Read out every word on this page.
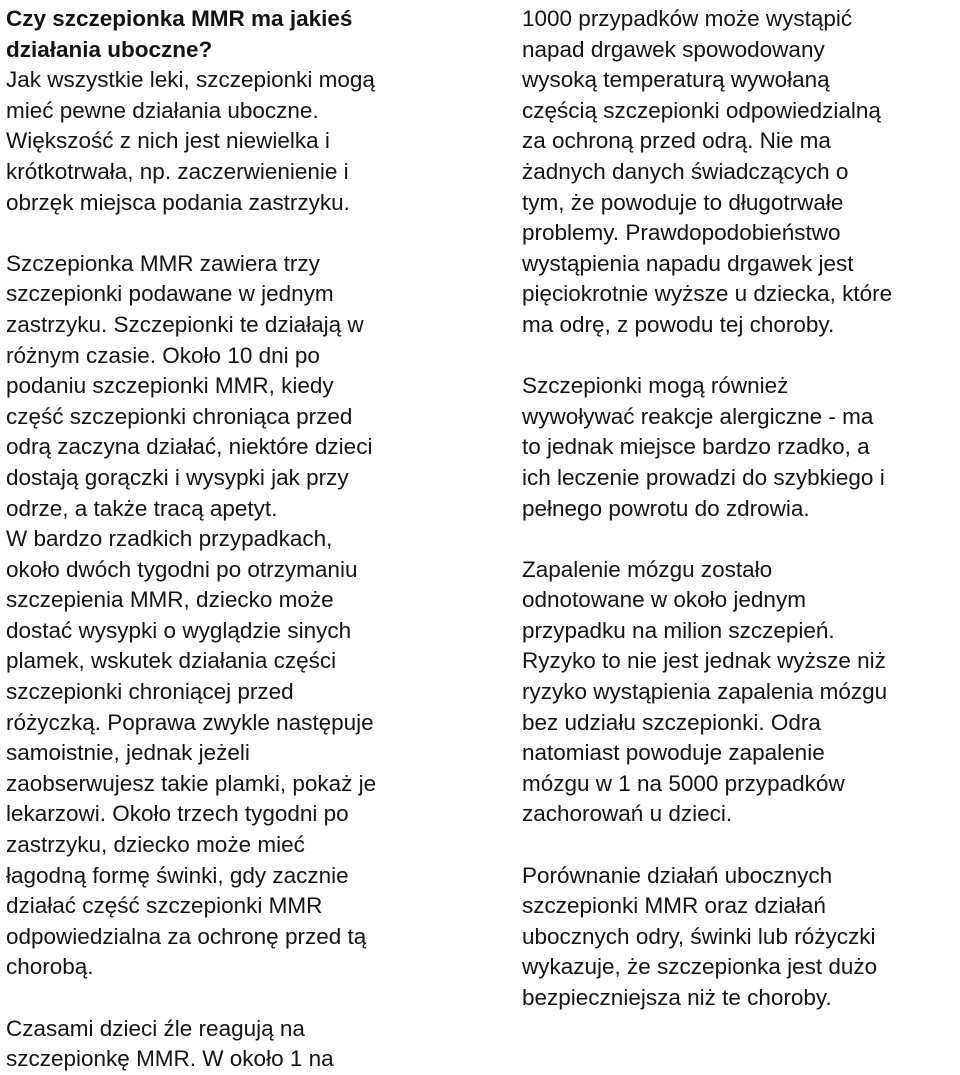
Czy szczepionka MMR ma jakieś
działania uboczne?

Jak wszystkie leki, szczepionki mogą
mieć pewne działania uboczne.
Większość z nich jest niewielka i
krótkotrwała, np. zaczerwienienie i
obrzęk miejsca podania zastrzyku.

Szczepionka MMR zawiera trzy
szczepionki podawane w jednym
zastrzyku. Szczepionki te działają w
różnym czasie. Około 10 dni po
podaniu szczepionki MMR, kiedy
część szczepionki chroniąca przed
odrą zaczyna działać, niektóre dzieci
dostają gorączki i wysypki jak przy
odrze, a także tracą apetyt.
W bardzo rzadkich przypadkach,
około dwóch tygodni po otrzymaniu
szczepienia MMR, dziecko może
dostać wysypki o wyglądzie sinych
plamek, wskutek działania części
szczepionki chroniącej przed
różyczką. Poprawa zwykle następuje
samoistnie, jednak jeżeli
zaobserwujesz takie plamki, pokaż je
lekarzowi. Około trzech tygodni po
zastrzyku, dziecko może mieć
łagodną formę świnki, gdy zacznie
działać część szczepionki MMR
odpowiedzialna za ochronę przed tą
chorobą.

Czasami dzieci źle reagują na
szczepionkę MMR. W około 1 na

1000 przypadków może wystąpić
napad drgawek spowodowany
wysoką temperaturą wywołaną
częścią szczepionki odpowiedzialną
za ochroną przed odrą. Nie ma
żadnych danych świadczących o
tym, że powoduje to długotrwałe
problemy. Prawdopodobieństwo
wystąpienia napadu drgawek jest
pięciokrotnie wyższe u dziecka, które
ma odrę, z powodu tej choroby.

Szczepionki mogą również
wywoływać reakcje alergiczne - ma
to jednak miejsce bardzo rzadko, a
ich leczenie prowadzi do szybkiego i
pełnego powrotu do zdrowia.

Zapalenie mózgu zostało
odnotowane w około jednym
przypadku na milion szczepień.
Ryzyko to nie jest jednak wyższe niż
ryzyko wystąpienia zapalenia mózgu
bez udziału szczepionki. Odra
natomiast powoduje zapalenie
mózgu w 1 na 5000 przypadków
zachorowań u dzieci.

Porównanie działań ubocznych
szczepionki MMR oraz działań
ubocznych odry, świnki lub różyczki
wykazuje, że szczepionka jest dużo
bezpieczniejsza niż te choroby.
